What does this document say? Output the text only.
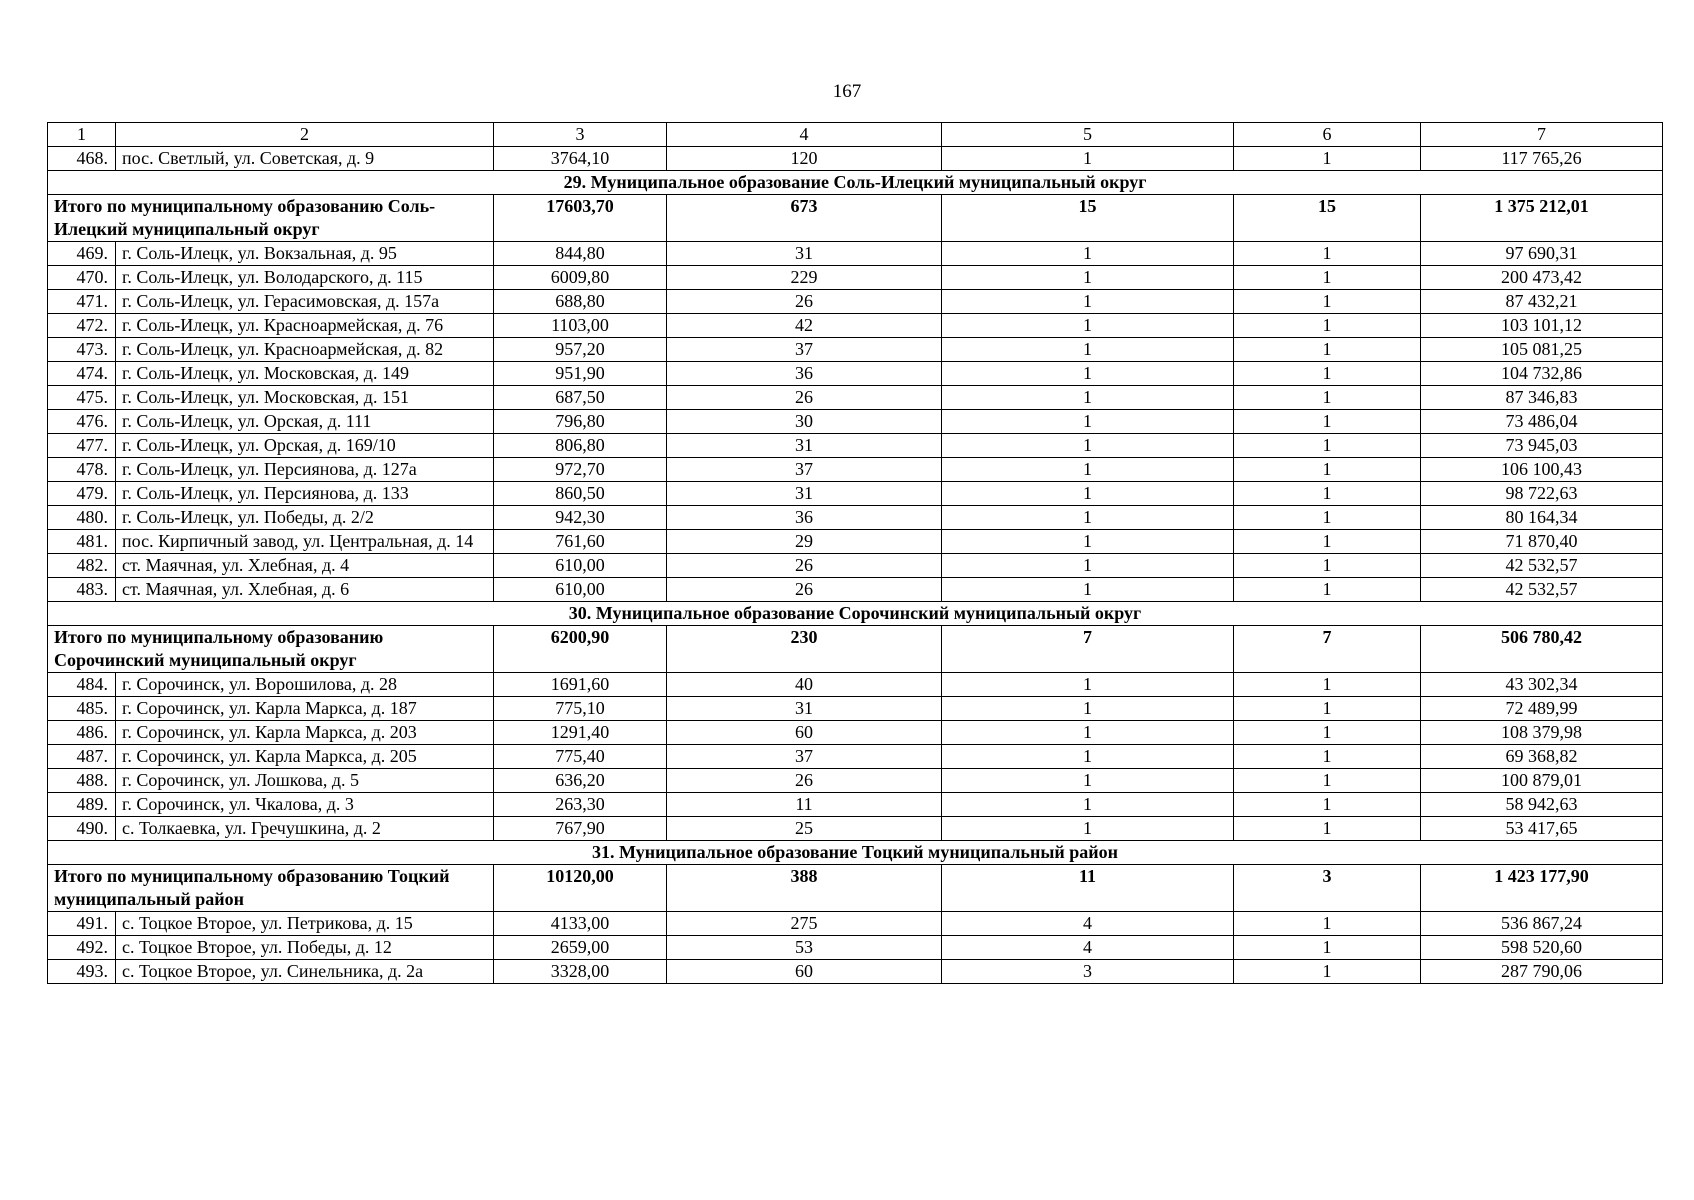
167
1	2	3	4	5	6	7
468.	пос. Светлый, ул. Советская, д. 9	3764,10	120	1	1	117 765,26
29. Муниципальное образование Соль-Илецкий муниципальный округ						
Итого по муниципальному образованию Соль-Илецкий муниципальный округ		17603,70	673	15	15	1 375 212,01
469.	г. Соль-Илецк, ул. Вокзальная, д. 95	844,80	31	1	1	97 690,31
470.	г. Соль-Илецк, ул. Володарского, д. 115	6009,80	229	1	1	200 473,42
471.	г. Соль-Илецк, ул. Герасимовская, д. 157а	688,80	26	1	1	87 432,21
472.	г. Соль-Илецк, ул. Красноармейская, д. 76	1103,00	42	1	1	103 101,12
473.	г. Соль-Илецк, ул. Красноармейская, д. 82	957,20	37	1	1	105 081,25
474.	г. Соль-Илецк, ул. Московская, д. 149	951,90	36	1	1	104 732,86
475.	г. Соль-Илецк, ул. Московская, д. 151	687,50	26	1	1	87 346,83
476.	г. Соль-Илецк, ул. Орская, д. 111	796,80	30	1	1	73 486,04
477.	г. Соль-Илецк, ул. Орская, д. 169/10	806,80	31	1	1	73 945,03
478.	г. Соль-Илецк, ул. Персиянова, д. 127а	972,70	37	1	1	106 100,43
479.	г. Соль-Илецк, ул. Персиянова, д. 133	860,50	31	1	1	98 722,63
480.	г. Соль-Илецк, ул. Победы, д. 2/2	942,30	36	1	1	80 164,34
481.	пос. Кирпичный завод, ул. Центральная, д. 14	761,60	29	1	1	71 870,40
482.	ст. Маячная, ул. Хлебная, д. 4	610,00	26	1	1	42 532,57
483.	ст. Маячная, ул. Хлебная, д. 6	610,00	26	1	1	42 532,57
30. Муниципальное образование Сорочинский муниципальный округ						
Итого по муниципальному образованию Сорочинский муниципальный округ		6200,90	230	7	7	506 780,42
484.	г. Сорочинск, ул. Ворошилова, д. 28	1691,60	40	1	1	43 302,34
485.	г. Сорочинск, ул. Карла Маркса, д. 187	775,10	31	1	1	72 489,99
486.	г. Сорочинск, ул. Карла Маркса, д. 203	1291,40	60	1	1	108 379,98
487.	г. Сорочинск, ул. Карла Маркса, д. 205	775,40	37	1	1	69 368,82
488.	г. Сорочинск, ул. Лошкова, д. 5	636,20	26	1	1	100 879,01
489.	г. Сорочинск, ул. Чкалова, д. 3	263,30	11	1	1	58 942,63
490.	с. Толкаевка, ул. Гречушкина, д. 2	767,90	25	1	1	53 417,65
31. Муниципальное образование Тоцкий муниципальный район						
Итого по муниципальному образованию Тоцкий муниципальный район		10120,00	388	11	3	1 423 177,90
491.	с. Тоцкое Второе, ул. Петрикова, д. 15	4133,00	275	4	1	536 867,24
492.	с. Тоцкое Второе, ул. Победы, д. 12	2659,00	53	4	1	598 520,60
493.	с. Тоцкое Второе, ул. Синельника, д. 2а	3328,00	60	3	1	287 790,06
